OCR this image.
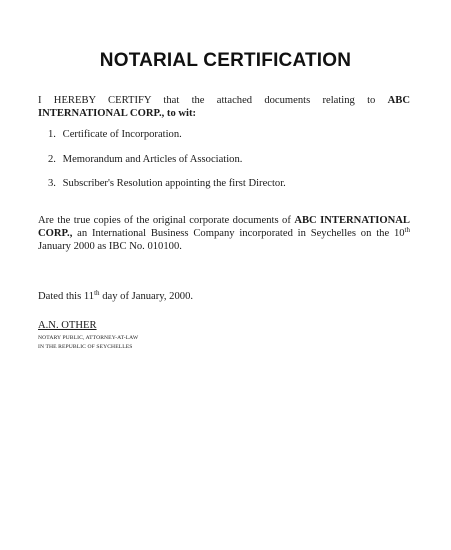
NOTARIAL CERTIFICATION
I HEREBY CERTIFY that the attached documents relating to ABC INTERNATIONAL CORP., to wit:
1. Certificate of Incorporation.
2. Memorandum and Articles of Association.
3. Subscriber's Resolution appointing the first Director.
Are the true copies of the original corporate documents of ABC INTERNATIONAL CORP., an International Business Company incorporated in Seychelles on the 10th January 2000 as IBC No. 010100.
Dated this 11th day of January, 2000.
A.N. OTHER
NOTARY PUBLIC, ATTORNEY-AT-LAW
IN THE REPUBLIC OF SEYCHELLES
